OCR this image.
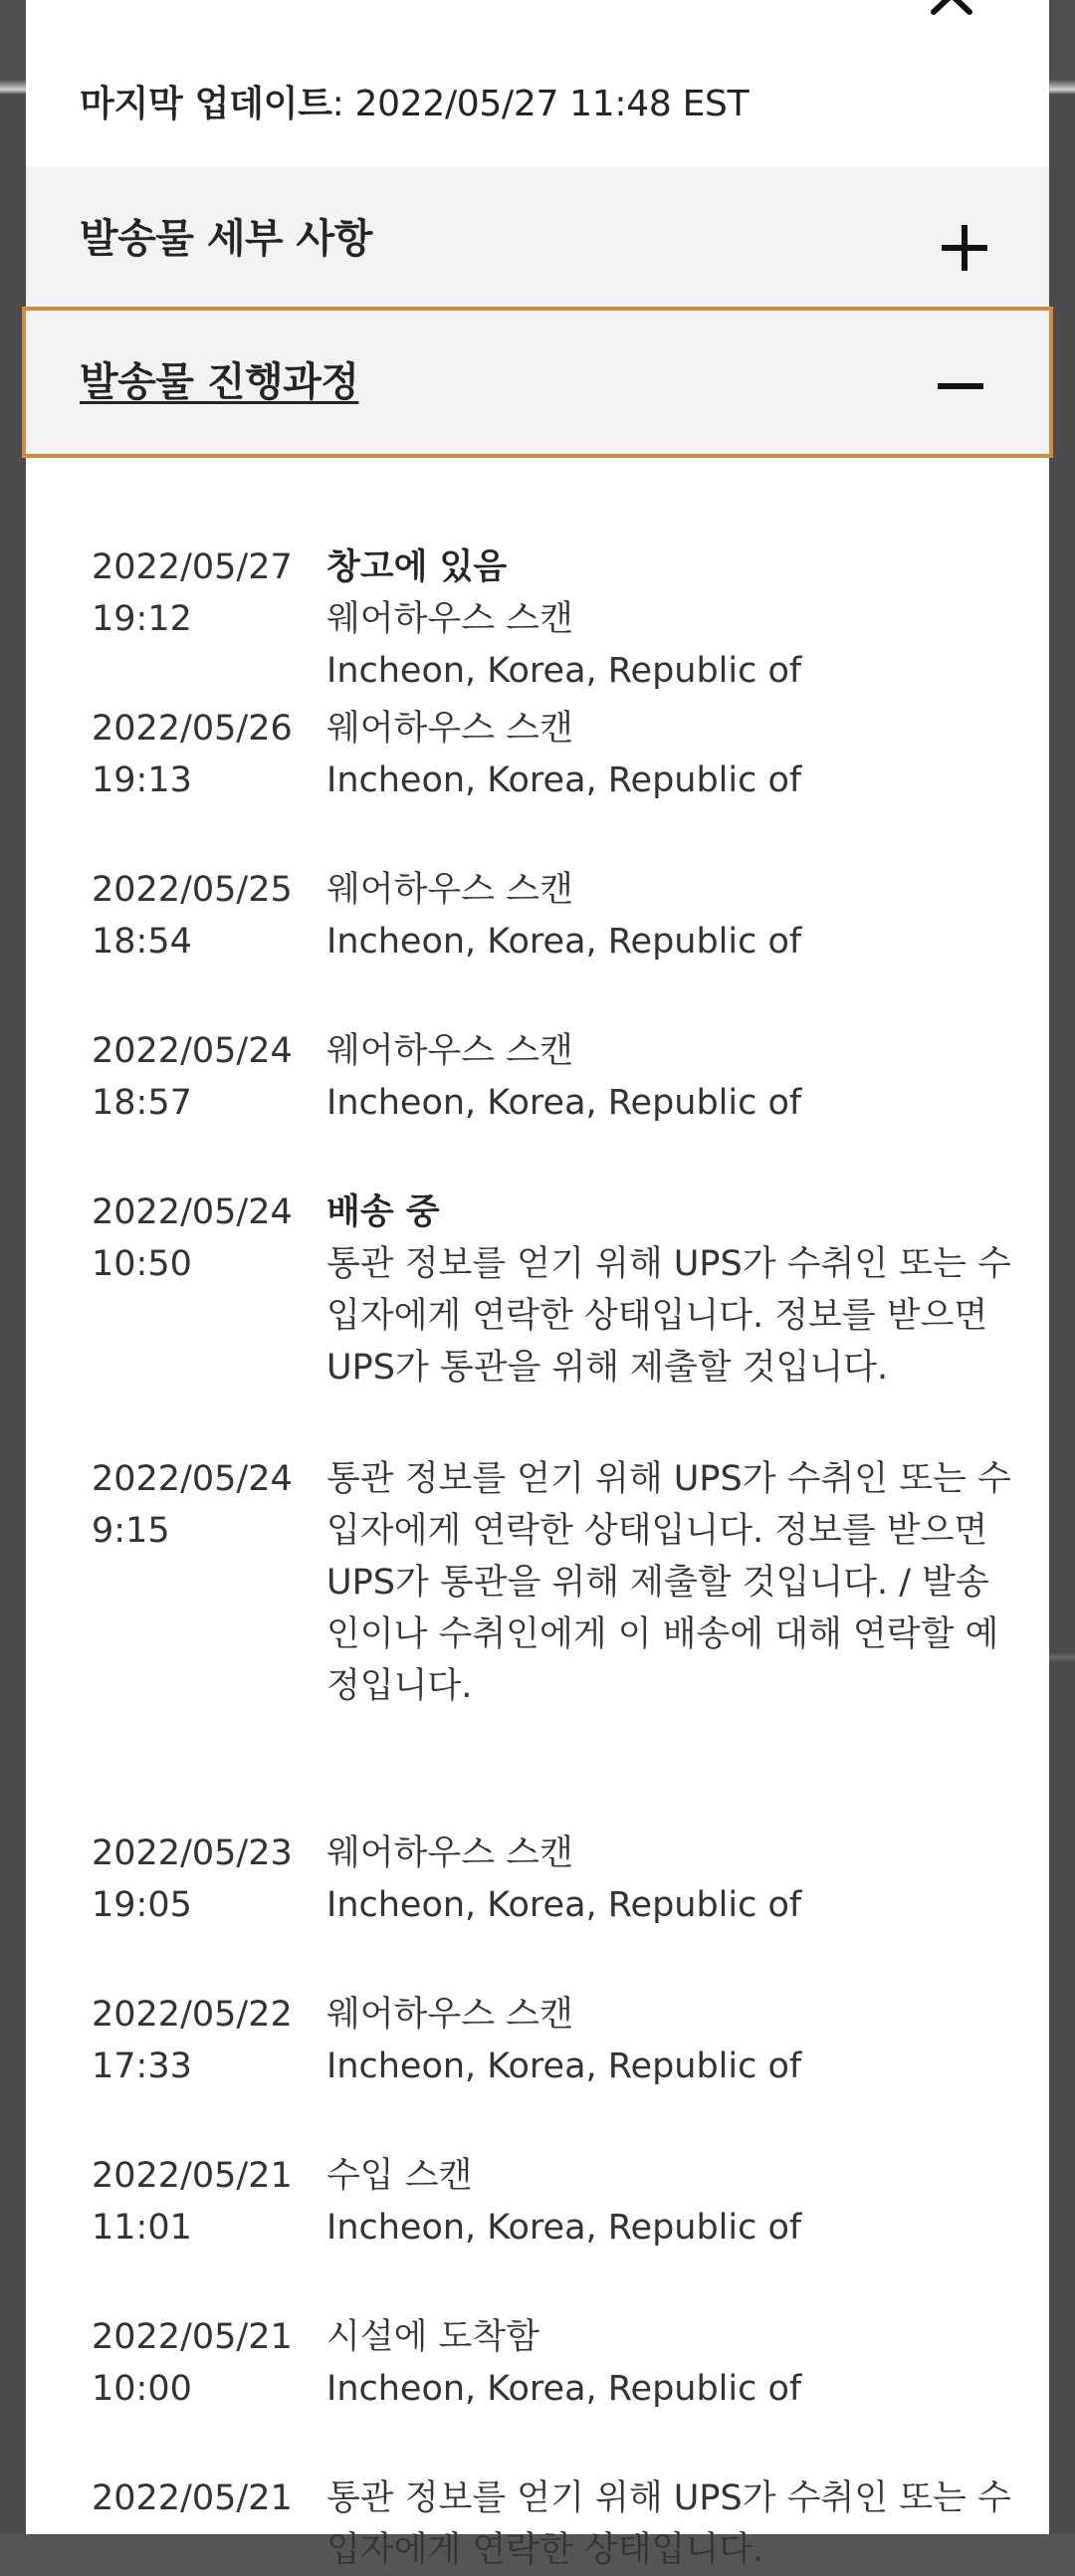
마지막 업데이트: 2022/05/27 11:48 EST
발송물 세부 사항
발송물 진행과정
2022/05/27
19:12
창고에 있음
웨어하우스 스캔
Incheon, Korea, Republic of
2022/05/26
19:13
웨어하우스 스캔
Incheon, Korea, Republic of
2022/05/25
18:54
웨어하우스 스캔
Incheon, Korea, Republic of
2022/05/24
18:57
웨어하우스 스캔
Incheon, Korea, Republic of
2022/05/24
10:50
배송 중
통관 정보를 얻기 위해 UPS가 수취인 또는 수입자에게 연락한 상태입니다. 정보를 받으면 UPS가 통관을 위해 제출할 것입니다.
2022/05/24
9:15
통관 정보를 얻기 위해 UPS가 수취인 또는 수입자에게 연락한 상태입니다. 정보를 받으면 UPS가 통관을 위해 제출할 것입니다. / 발송인이나 수취인에게 이 배송에 대해 연락할 예정입니다.
2022/05/23
19:05
웨어하우스 스캔
Incheon, Korea, Republic of
2022/05/22
17:33
웨어하우스 스캔
Incheon, Korea, Republic of
2022/05/21
11:01
수입 스캔
Incheon, Korea, Republic of
2022/05/21
10:00
시설에 도착함
Incheon, Korea, Republic of
2022/05/21 통관 정보를 얻기 위해 UPS가 수취인 또는 수입자에게 연락한 상태입니다.
